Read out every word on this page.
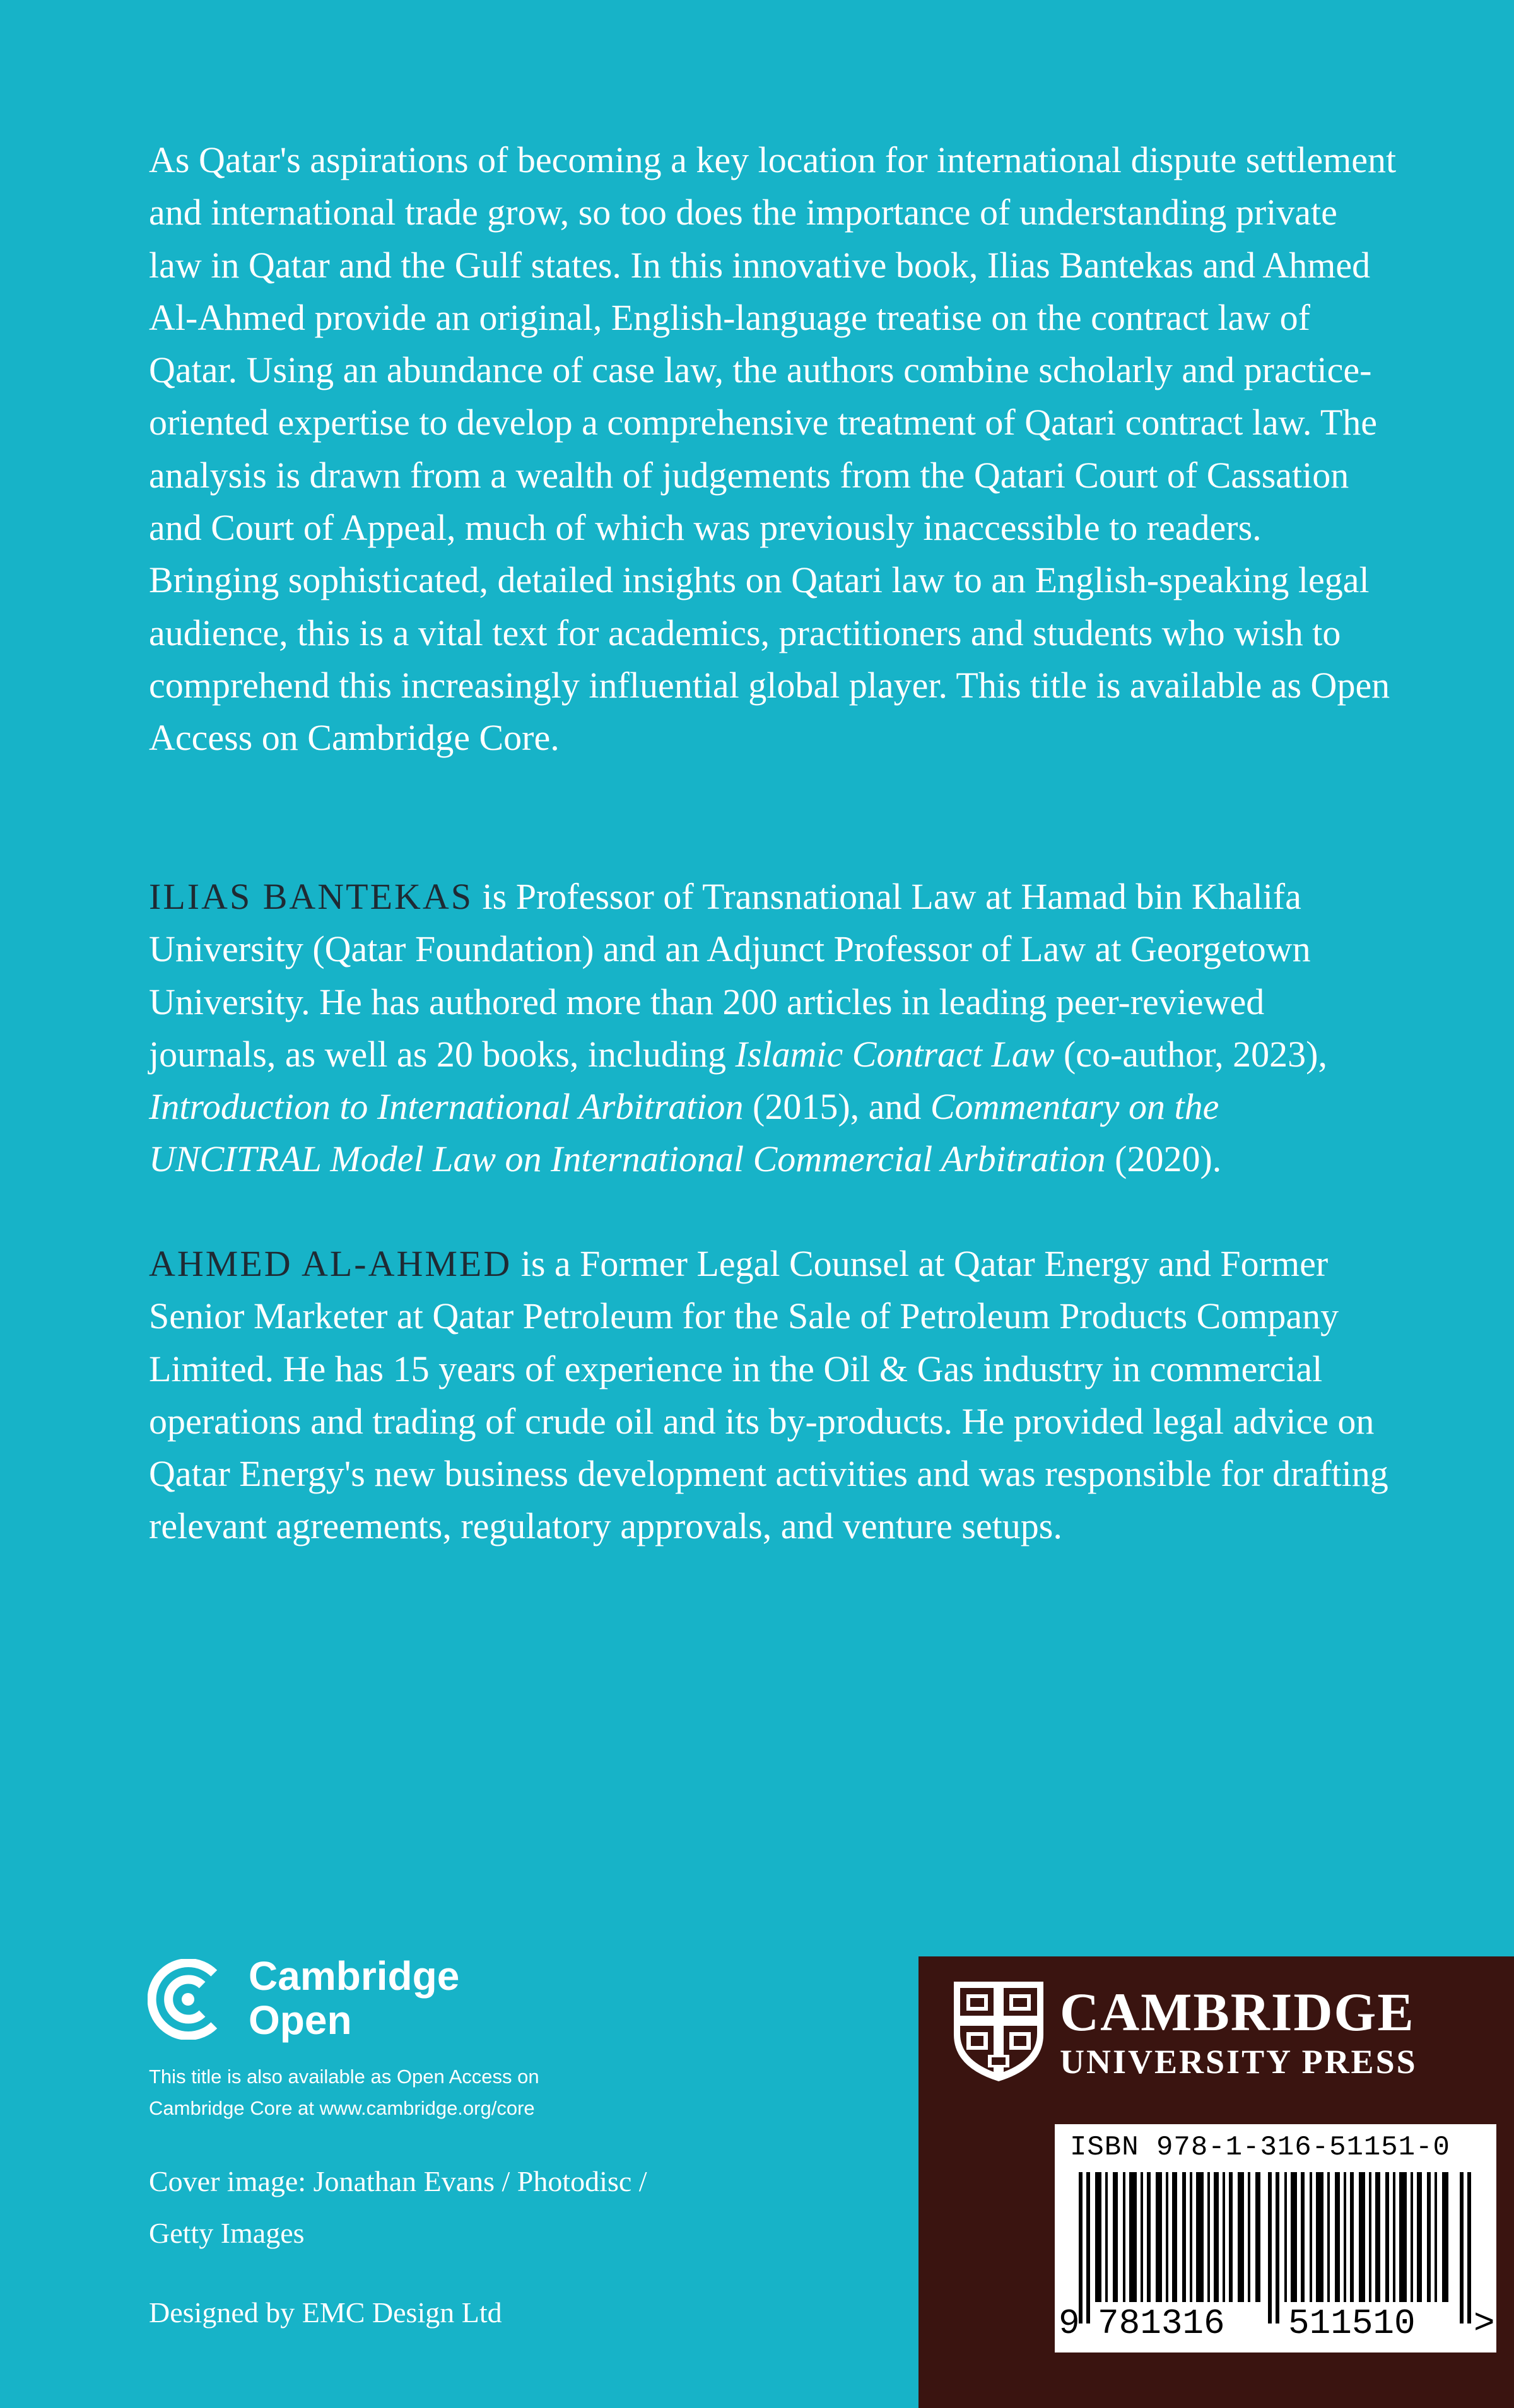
As Qatar's aspirations of becoming a key location for international dispute settlement and international trade grow, so too does the importance of understanding private law in Qatar and the Gulf states. In this innovative book, Ilias Bantekas and Ahmed Al-Ahmed provide an original, English-language treatise on the contract law of Qatar. Using an abundance of case law, the authors combine scholarly and practice-oriented expertise to develop a comprehensive treatment of Qatari contract law. The analysis is drawn from a wealth of judgements from the Qatari Court of Cassation and Court of Appeal, much of which was previously inaccessible to readers. Bringing sophisticated, detailed insights on Qatari law to an English-speaking legal audience, this is a vital text for academics, practitioners and students who wish to comprehend this increasingly influential global player. This title is available as Open Access on Cambridge Core.

ILIAS BANTEKAS is Professor of Transnational Law at Hamad bin Khalifa University (Qatar Foundation) and an Adjunct Professor of Law at Georgetown University. He has authored more than 200 articles in leading peer-reviewed journals, as well as 20 books, including Islamic Contract Law (co-author, 2023), Introduction to International Arbitration (2015), and Commentary on the UNCITRAL Model Law on International Commercial Arbitration (2020).

AHMED AL-AHMED is a Former Legal Counsel at Qatar Energy and Former Senior Marketer at Qatar Petroleum for the Sale of Petroleum Products Company Limited. He has 15 years of experience in the Oil & Gas industry in commercial operations and trading of crude oil and its by-products. He provided legal advice on Qatar Energy's new business development activities and was responsible for drafting relevant agreements, regulatory approvals, and venture setups.

Cambridge
Open

This title is also available as Open Access on
Cambridge Core at www.cambridge.org/core

Cover image: Jonathan Evans / Photodisc /
Getty Images

Designed by EMC Design Ltd

CAMBRIDGE
UNIVERSITY PRESS
ISBN 978-1-316-51151-0
9 781316 511510 >
